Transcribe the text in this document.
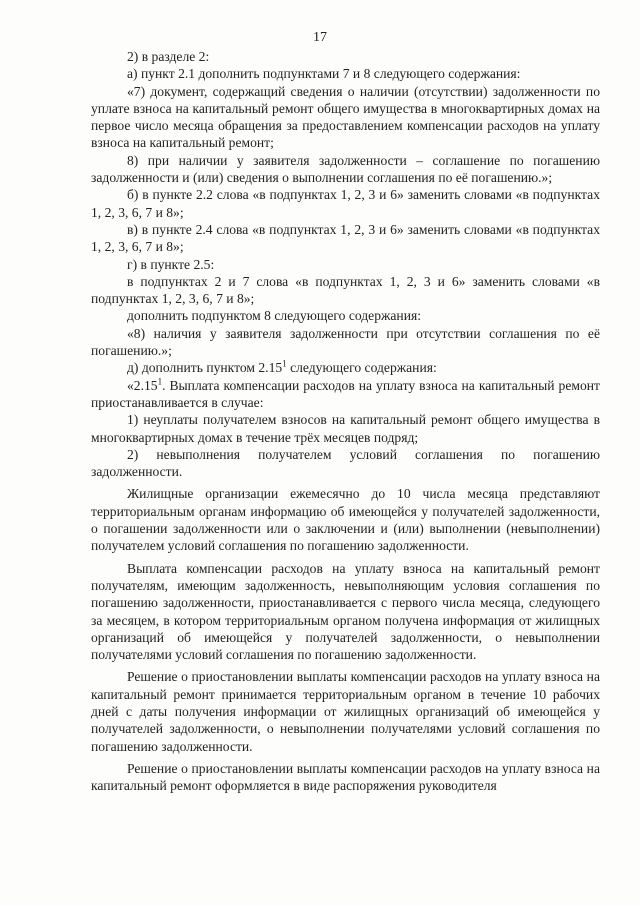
17

2) в разделе 2:

а) пункт 2.1 дополнить подпунктами 7 и 8 следующего содержания:

«7) документ, содержащий сведения о наличии (отсутствии) задолженности по уплате взноса на капитальный ремонт общего имущества в многоквартирных домах на первое число месяца обращения за предоставлением компенсации расходов на уплату взноса на капитальный ремонт;

8) при наличии у заявителя задолженности – соглашение по погашению задолженности и (или) сведения о выполнении соглашения по её погашению.»;

б) в пункте 2.2 слова «в подпунктах 1, 2, 3 и 6» заменить словами «в подпунктах 1, 2, 3, 6, 7 и 8»;

в) в пункте 2.4 слова «в подпунктах 1, 2, 3 и 6» заменить словами «в подпунктах 1, 2, 3, 6, 7 и 8»;

г) в пункте 2.5:

в подпунктах 2 и 7 слова «в подпунктах 1, 2, 3 и 6» заменить словами «в подпунктах 1, 2, 3, 6, 7 и 8»;

дополнить подпунктом 8 следующего содержания:

«8) наличия у заявителя задолженности при отсутствии соглашения по её погашению.»;

д) дополнить пунктом 2.15$^1$ следующего содержания:

«2.15$^1$. Выплата компенсации расходов на уплату взноса на капитальный ремонт приостанавливается в случае:

1) неуплаты получателем взносов на капитальный ремонт общего имущества в многоквартирных домах в течение трёх месяцев подряд;

2) невыполнения получателем условий соглашения по погашению задолженности.

Жилищные организации ежемесячно до 10 числа месяца представляют территориальным органам информацию об имеющейся у получателей задолженности, о погашении задолженности или о заключении и (или) выполнении (невыполнении) получателем условий соглашения по погашению задолженности.

Выплата компенсации расходов на уплату взноса на капитальный ремонт получателям, имеющим задолженность, невыполняющим условия соглашения по погашению задолженности, приостанавливается с первого числа месяца, следующего за месяцем, в котором территориальным органом получена информация от жилищных организаций об имеющейся у получателей задолженности, о невыполнении получателями условий соглашения по погашению задолженности.

Решение о приостановлении выплаты компенсации расходов на уплату взноса на капитальный ремонт принимается территориальным органом в течение 10 рабочих дней с даты получения информации от жилищных организаций об имеющейся у получателей задолженности, о невыполнении получателями условий соглашения по погашению задолженности.

Решение о приостановлении выплаты компенсации расходов на уплату взноса на капитальный ремонт оформляется в виде распоряжения руководителя
